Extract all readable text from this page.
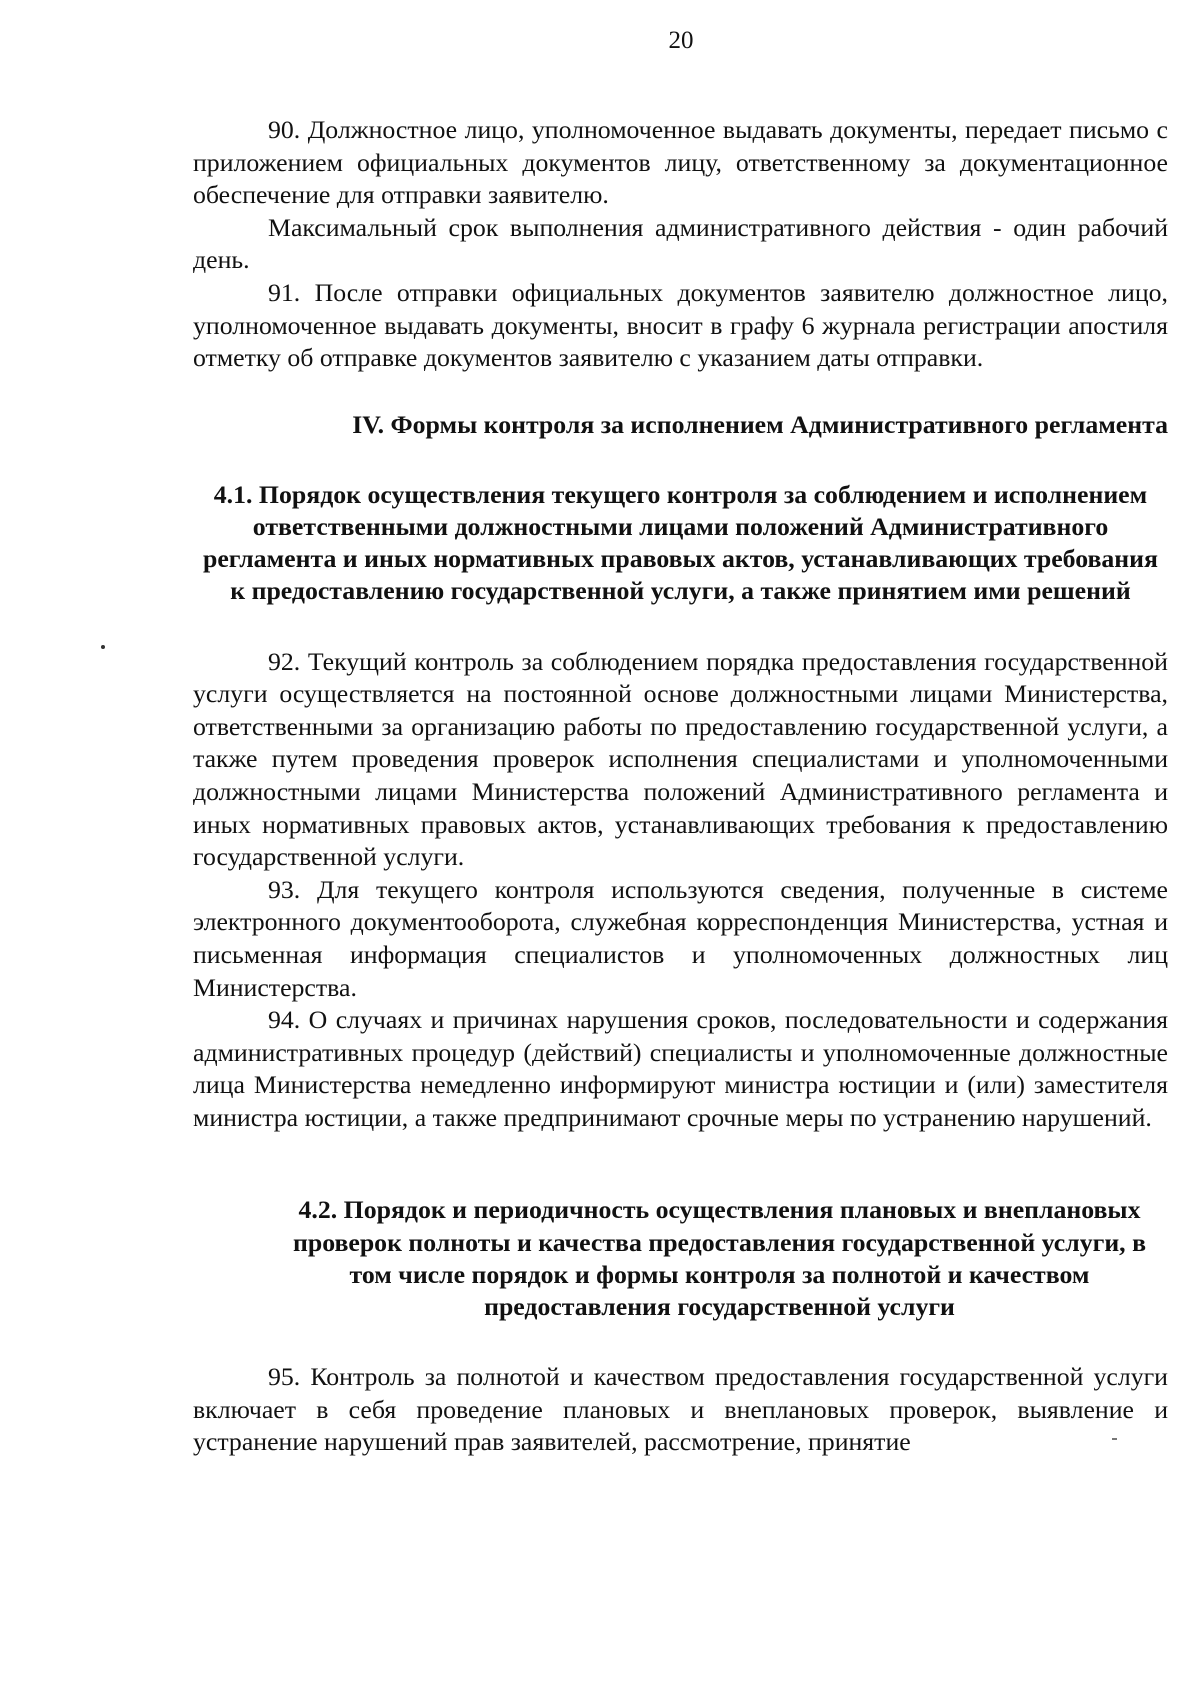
20

90. Должностное лицо, уполномоченное выдавать документы, передает письмо с приложением официальных документов лицу, ответственному за документационное обеспечение для отправки заявителю.

Максимальный срок выполнения административного действия - один рабочий день.

91. После отправки официальных документов заявителю должностное лицо, уполномоченное выдавать документы, вносит в графу 6 журнала регистрации апостиля отметку об отправке документов заявителю с указанием даты отправки.

IV. Формы контроля за исполнением Административного регламента
4.1. Порядок осуществления текущего контроля за соблюдением и исполнением ответственными должностными лицами положений Административного регламента и иных нормативных правовых актов, устанавливающих требования к предоставлению государственной услуги, а также принятием ими решений

92. Текущий контроль за соблюдением порядка предоставления государственной услуги осуществляется на постоянной основе должностными лицами Министерства, ответственными за организацию работы по предоставлению государственной услуги, а также путем проведения проверок исполнения специалистами и уполномоченными должностными лицами Министерства положений Административного регламента и иных нормативных правовых актов, устанавливающих требования к предоставлению государственной услуги.

93. Для текущего контроля используются сведения, полученные в системе электронного документооборота, служебная корреспонденция Министерства, устная и письменная информация специалистов и уполномоченных должностных лиц Министерства.

94. О случаях и причинах нарушения сроков, последовательности и содержания административных процедур (действий) специалисты и уполномоченные должностные лица Министерства немедленно информируют министра юстиции и (или) заместителя министра юстиции, а также предпринимают срочные меры по устранению нарушений.

4.2. Порядок и периодичность осуществления плановых и внеплановых проверок полноты и качества предоставления государственной услуги, в том числе порядок и формы контроля за полнотой и качеством предоставления государственной услуги

95. Контроль за полнотой и качеством предоставления государственной услуги включает в себя проведение плановых и внеплановых проверок, выявление и устранение нарушений прав заявителей, рассмотрение, принятие
